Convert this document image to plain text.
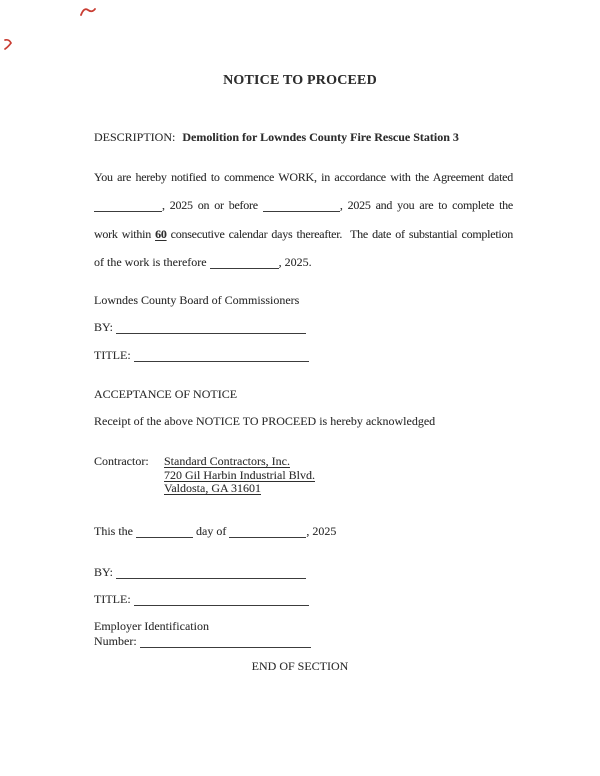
NOTICE TO PROCEED
DESCRIPTION: Demolition for Lowndes County Fire Rescue Station 3
You are hereby notified to commence WORK, in accordance with the Agreement dated
, 2025 on or before	, 2025 and you are to complete the
work within 60 consecutive calendar days thereafter.  The date of substantial completion
of the work is therefore	, 2025.
Lowndes County Board of Commissioners
BY:
TITLE:
ACCEPTANCE OF NOTICE
Receipt of the above NOTICE TO PROCEED is hereby acknowledged
Contractor: Standard Contractors, Inc.
720 Gil Harbin Industrial Blvd.
Valdosta, GA 31601
This the	day of	, 2025
BY:
TITLE:
Employer Identification
Number:
END OF SECTION
